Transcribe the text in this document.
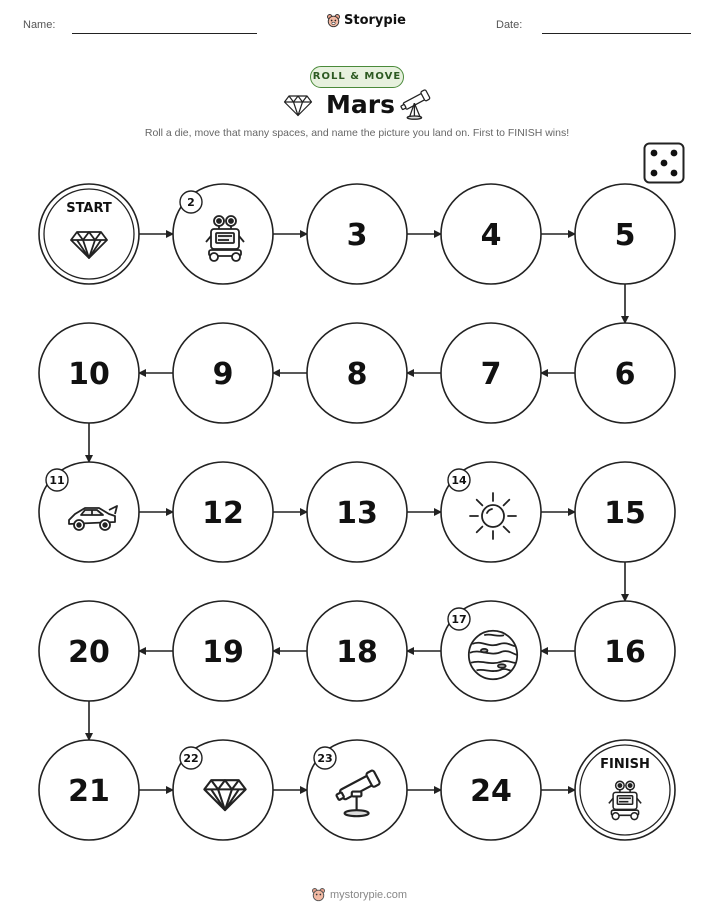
Name:	Storypie	Date:
ROLL & MOVE
Mars
Roll a die, move that many spaces, and name the picture you land on. First to FINISH wins!
START	2
3	4	5
6
7
8
9
10
11
12	13
14
15
16
17
18
19
20
21
22	23
24
FINISH
mystorypie.com
